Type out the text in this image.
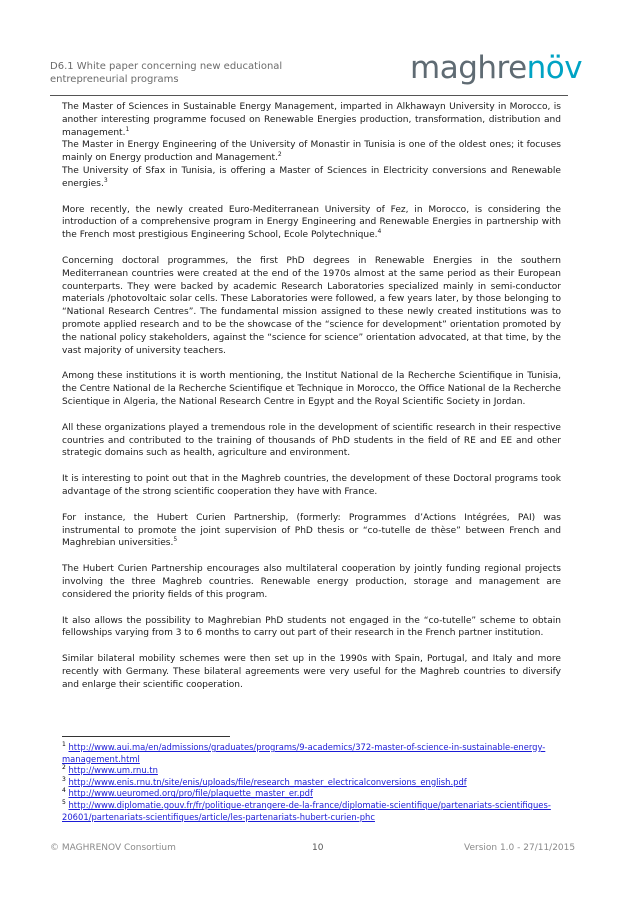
D6.1 White paper concerning new educational entrepreneurial programs	maghrenöv

The Master of Sciences in Sustainable Energy Management, imparted in Alkhawayn University in Morocco, is another interesting programme focused on Renewable Energies production, transformation, distribution and management.$^1$
The Master in Energy Engineering of the University of Monastir in Tunisia is one of the oldest ones; it focuses mainly on Energy production and Management.$^2$
The University of Sfax in Tunisia, is offering a Master of Sciences in Electricity conversions and Renewable energies.$^3$

More recently, the newly created Euro-Mediterranean University of Fez, in Morocco, is considering the introduction of a comprehensive program in Energy Engineering and Renewable Energies in partnership with the French most prestigious Engineering School, Ecole Polytechnique.$^4$

Concerning doctoral programmes, the first PhD degrees in Renewable Energies in the southern Mediterranean countries were created at the end of the 1970s almost at the same period as their European counterparts. They were backed by academic Research Laboratories specialized mainly in semi-conductor materials /photovoltaic solar cells. These Laboratories were followed, a few years later, by those belonging to “National Research Centres”. The fundamental mission assigned to these newly created institutions was to promote applied research and to be the showcase of the “science for development” orientation promoted by the national policy stakeholders, against the “science for science” orientation advocated, at that time, by the vast majority of university teachers.

Among these institutions it is worth mentioning, the Institut National de la Recherche Scientifique in Tunisia, the Centre National de la Recherche Scientifique et Technique in Morocco, the Office National de la Recherche Scientique in Algeria, the National Research Centre in Egypt and the Royal Scientific Society in Jordan.

All these organizations played a tremendous role in the development of scientific research in their respective countries and contributed to the training of thousands of PhD students in the field of RE and EE and other strategic domains such as health, agriculture and environment.

It is interesting to point out that in the Maghreb countries, the development of these Doctoral programs took advantage of the strong scientific cooperation they have with France.

For instance, the Hubert Curien Partnership, (formerly: Programmes d’Actions Intégrées, PAI) was instrumental to promote the joint supervision of PhD thesis or “co-tutelle de thèse” between French and Maghrebian universities.$^5$

The Hubert Curien Partnership encourages also multilateral cooperation by jointly funding regional projects involving the three Maghreb countries. Renewable energy production, storage and management are considered the priority fields of this program.

It also allows the possibility to Maghrebian PhD students not engaged in the “co-tutelle” scheme to obtain fellowships varying from 3 to 6 months to carry out part of their research in the French partner institution.

Similar bilateral mobility schemes were then set up in the 1990s with Spain, Portugal, and Italy and more recently with Germany. These bilateral agreements were very useful for the Maghreb countries to diversify and enlarge their scientific cooperation.

$^1$ http://www.aui.ma/en/admissions/graduates/programs/9-academics/372-master-of-science-in-sustainable-energy-management.html

$^2$ http://www.um.rnu.tn

$^3$ http://www.enis.rnu.tn/site/enis/uploads/file/research_master_electricalconversions_english.pdf

$^4$ http://www.ueuromed.org/pro/file/plaquette_master_er.pdf

$^5$ http://www.diplomatie.gouv.fr/fr/politique-etrangere-de-la-france/diplomatie-scientifique/partenariats-scientifiques-20601/partenariats-scientifiques/article/les-partenariats-hubert-curien-phc

© MAGHRENOV Consortium	10	Version 1.0 - 27/11/2015
